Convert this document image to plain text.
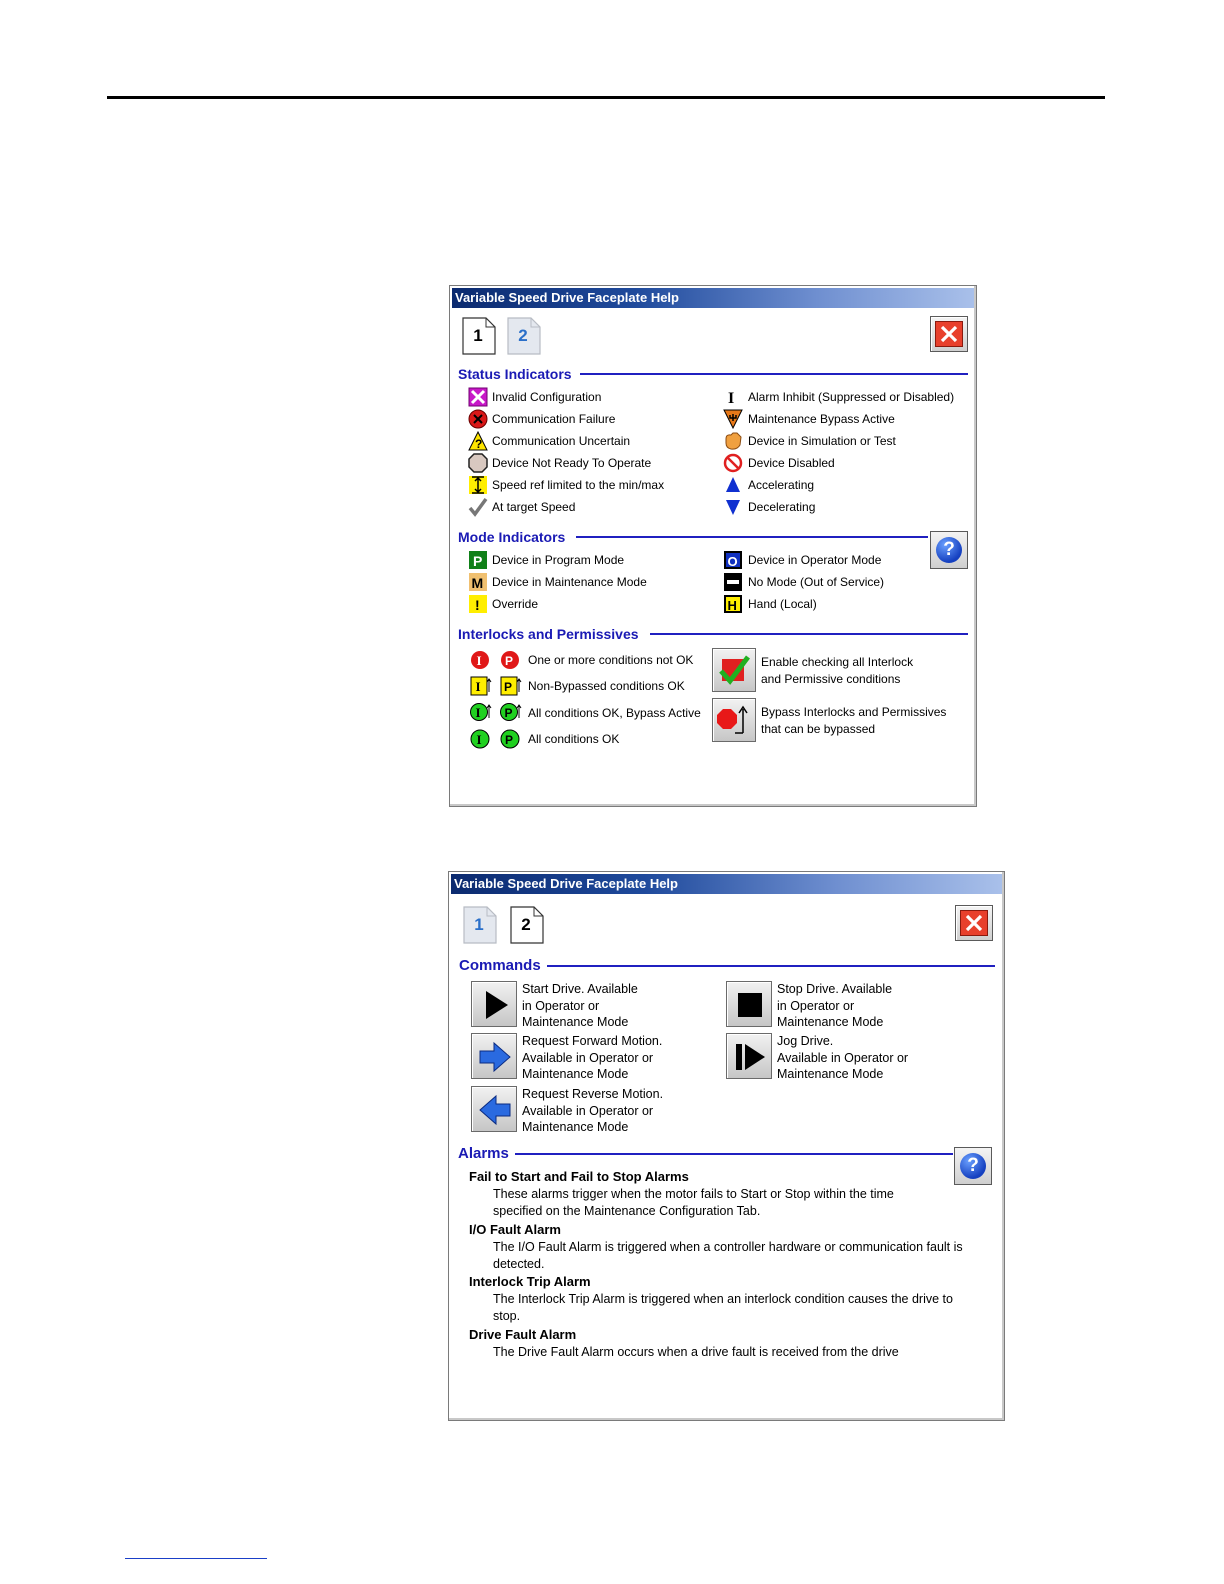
Variable Speed Drive Faceplate Help
1	2
Status Indicators
?
Invalid Configuration
Communication Failure
Communication Uncertain
Device Not Ready To Operate
Speed ref limited to the min/max
At target Speed
I Alarm Inhibit (Suppressed or Disabled)
Maintenance Bypass Active
Device in Simulation or Test
Device Disabled
Accelerating
Decelerating
Mode Indicators
?
P
M
!
O
H
Device in Program Mode
Device in Maintenance Mode
Override
Device in Operator Mode
No Mode (Out of Service)
Hand (Local)
Interlocks and Permissives
I P
I P
I P
I P
One or more conditions not OK
Non-Bypassed conditions OK
All conditions OK, Bypass Active
All conditions OK
Enable checking all Interlock
and Permissive conditions
Bypass Interlocks and Permissives
that can be bypassed
Variable Speed Drive Faceplate Help
1	2
Commands
Start Drive. Available
in Operator or
Maintenance Mode
Request Forward Motion.
Available in Operator or
Maintenance Mode
Request Reverse Motion.
Available in Operator or
Maintenance Mode
Stop Drive. Available
in Operator or
Maintenance Mode
Jog Drive.
Available in Operator or
Maintenance Mode
Alarms
?
Fail to Start and Fail to Stop Alarms
These alarms trigger when the motor fails to Start or Stop within the time specified on the Maintenance Configuration Tab.
I/O Fault Alarm
The I/O Fault Alarm is triggered when a controller hardware or communication fault is detected.
Interlock Trip Alarm
The Interlock Trip Alarm is triggered when an interlock condition causes the drive to stop.
Drive Fault Alarm
The Drive Fault Alarm occurs when a drive fault is received from the drive
